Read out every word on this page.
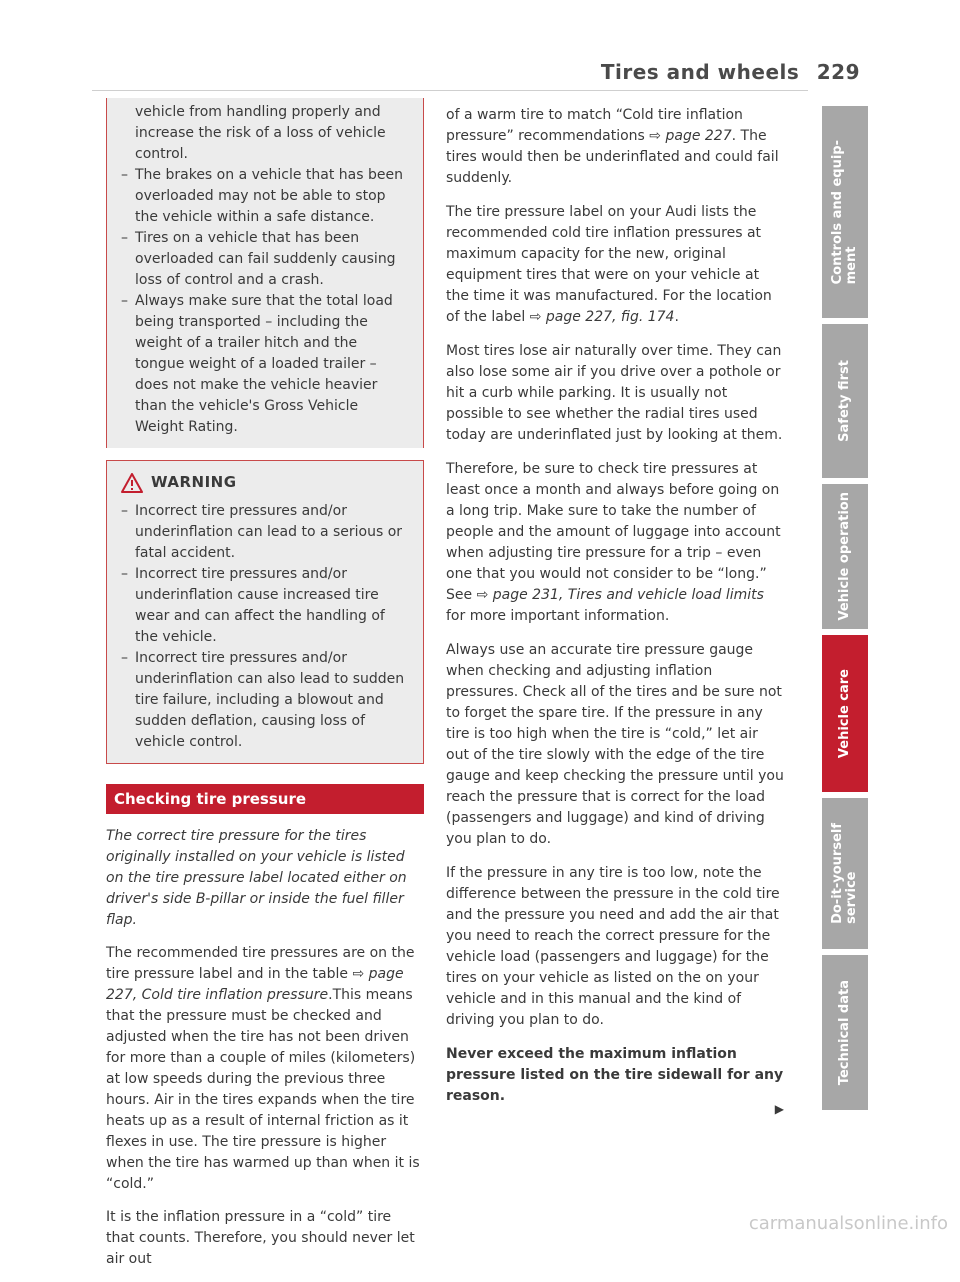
Tires and wheels 229
vehicle from handling properly and increase the risk of a loss of vehicle control.
– The brakes on a vehicle that has been overloaded may not be able to stop the vehicle within a safe distance.
– Tires on a vehicle that has been overloaded can fail suddenly causing loss of control and a crash.
– Always make sure that the total load being transported – including the weight of a trailer hitch and the tongue weight of a loaded trailer – does not make the vehicle heavier than the vehicle's Gross Vehicle Weight Rating.
WARNING
– Incorrect tire pressures and/or underinflation can lead to a serious or fatal accident.
– Incorrect tire pressures and/or underinflation cause increased tire wear and can affect the handling of the vehicle.
– Incorrect tire pressures and/or underinflation can also lead to sudden tire failure, including a blowout and sudden deflation, causing loss of vehicle control.
Checking tire pressure

The correct tire pressure for the tires originally installed on your vehicle is listed on the tire pressure label located either on driver's side B-pillar or inside the fuel filler flap.

The recommended tire pressures are on the tire pressure label and in the table ⇨ page 227, Cold tire inflation pressure.This means that the pressure must be checked and adjusted when the tire has not been driven for more than a couple of miles (kilometers) at low speeds during the previous three hours. Air in the tires expands when the tire heats up as a result of internal friction as it flexes in use. The tire pressure is higher when the tire has warmed up than when it is “cold.”

It is the inflation pressure in a “cold” tire that counts. Therefore, you should never let air out

of a warm tire to match “Cold tire inflation pressure” recommendations ⇨ page 227. The tires would then be underinflated and could fail suddenly.

The tire pressure label on your Audi lists the recommended cold tire inflation pressures at maximum capacity for the new, original equipment tires that were on your vehicle at the time it was manufactured. For the location of the label ⇨ page 227, fig. 174.

Most tires lose air naturally over time. They can also lose some air if you drive over a pothole or hit a curb while parking. It is usually not possible to see whether the radial tires used today are underinflated just by looking at them.

Therefore, be sure to check tire pressures at least once a month and always before going on a long trip. Make sure to take the number of people and the amount of luggage into account when adjusting tire pressure for a trip – even one that you would not consider to be “long.” See ⇨ page 231, Tires and vehicle load limits for more important information.

Always use an accurate tire pressure gauge when checking and adjusting inflation pressures. Check all of the tires and be sure not to forget the spare tire. If the pressure in any tire is too high when the tire is “cold,” let air out of the tire slowly with the edge of the tire gauge and keep checking the pressure until you reach the pressure that is correct for the load (passengers and luggage) and kind of driving you plan to do.

If the pressure in any tire is too low, note the difference between the pressure in the cold tire and the pressure you need and add the air that you need to reach the correct pressure for the vehicle load (passengers and luggage) for the tires on your vehicle as listed on the on your vehicle and in this manual and the kind of driving you plan to do.

Never exceed the maximum inflation pressure listed on the tire sidewall for any reason.

▶
Controls and equip-
ment
Safety first
Vehicle operation
Vehicle care
Do-it-yourself
service
Technical data
carmanualsonline.info
